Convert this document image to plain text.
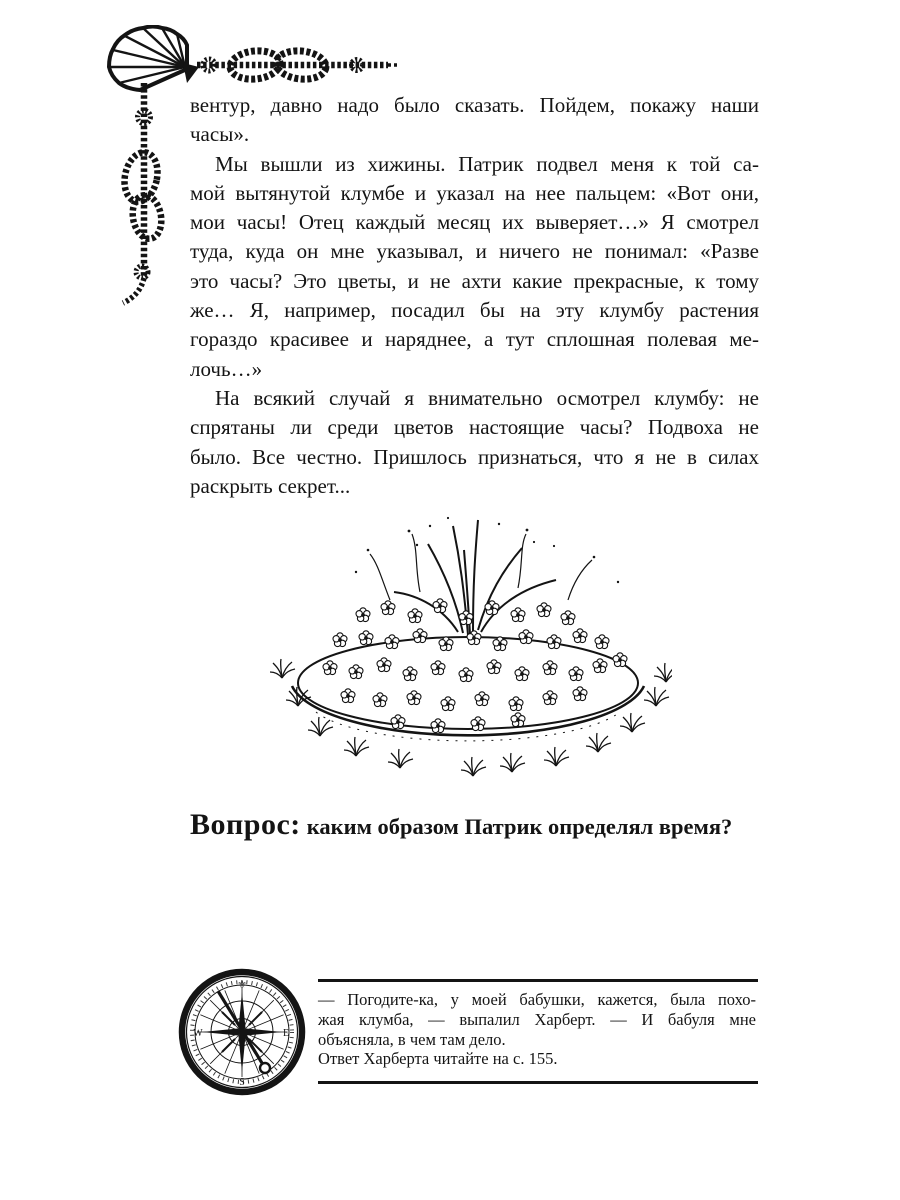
вентур, давно надо было сказать. Пойдем, покажу наши
часы».
Мы вышли из хижины. Патрик подвел меня к той са-
мой вытянутой клумбе и указал на нее пальцем: «Вот они,
мои часы! Отец каждый месяц их выверяет…» Я смотрел
туда, куда он мне указывал, и ничего не понимал: «Разве
это часы? Это цветы, и не ахти какие прекрасные, к тому
же… Я, например, посадил бы на эту клумбу растения
гораздо красивее и наряднее, а тут сплошная полевая ме-
лочь…»
На всякий случай я внимательно осмотрел клумбу: не
спрятаны ли среди цветов настоящие часы? Подвоха не
было. Все честно. Пришлось признаться, что я не в силах
раскрыть секрет...
Вопрос: каким образом Патрик определял время?
W	E
S
⚜
— Погодите-ка, у моей бабушки, кажется, была похо-
жая клумба, — выпалил Харберт. — И бабуля мне
объясняла, в чем там дело.
Ответ Харберта читайте на с. 155.
